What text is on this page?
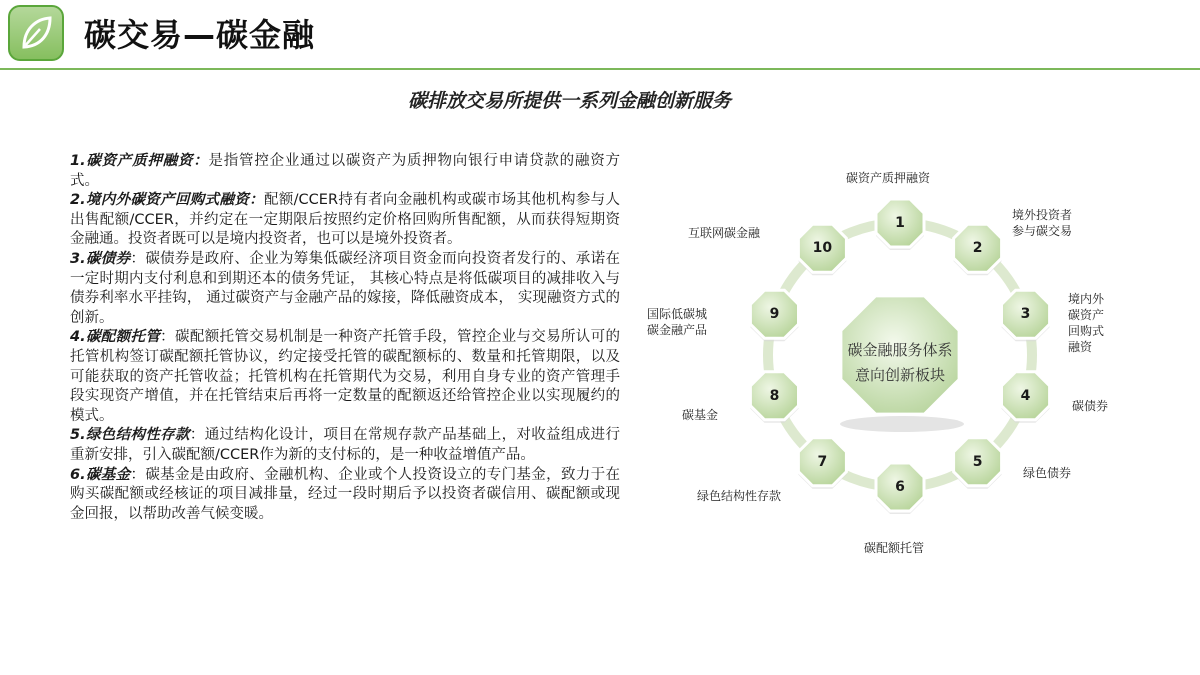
碳交易—碳金融
碳排放交易所提供一系列金融创新服务

1.碳资产质押融资：是指管控企业通过以碳资产为质押物向银行申请贷款的融资方式。

2.境内外碳资产回购式融资：配额/CCER持有者向金融机构或碳市场其他机构参与人出售配额/CCER，并约定在一定期限后按照约定价格回购所售配额，从而获得短期资金融通。投资者既可以是境内投资者，也可以是境外投资者。

3.碳债券：碳债券是政府、企业为筹集低碳经济项目资金而向投资者发行的、承诺在一定时期内支付利息和到期还本的债务凭证， 其核心特点是将低碳项目的减排收入与债券利率水平挂钩， 通过碳资产与金融产品的嫁接，降低融资成本， 实现融资方式的创新。

4.碳配额托管：碳配额托管交易机制是一种资产托管手段，管控企业与交易所认可的托管机构签订碳配额托管协议，约定接受托管的碳配额标的、数量和托管期限，以及可能获取的资产托管收益；托管机构在托管期代为交易，利用自身专业的资产管理手段实现资产增值，并在托管结束后再将一定数量的配额返还给管控企业以实现履约的模式。

5.绿色结构性存款：通过结构化设计，项目在常规存款产品基础上，对收益组成进行重新安排，引入碳配额/CCER作为新的支付标的，是一种收益增值产品。

6.碳基金：碳基金是由政府、金融机构、企业或个人投资设立的专门基金，致力于在购买碳配额或经核证的项目减排量，经过一段时期后予以投资者碳信用、碳配额或现金回报，以帮助改善气候变暖。

碳金融服务体系
意向创新板块
碳资产质押融资
境外投资者
参与碳交易
境内外
碳资产
回购式
融资
碳债券
绿色债券
碳配额托管
绿色结构性存款
碳基金
国际低碳城
碳金融产品
互联网碳金融
1
2
3
4
5
6
7
8
9
10
